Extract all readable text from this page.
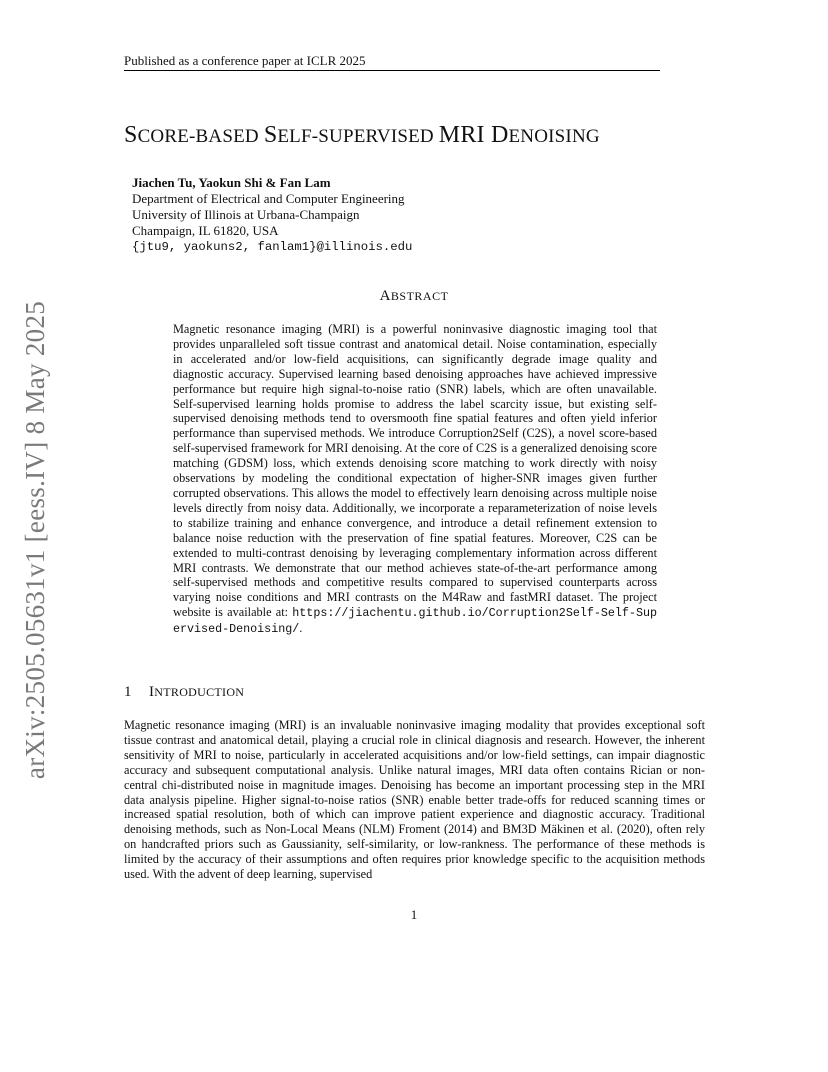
Published as a conference paper at ICLR 2025
SCORE-BASED SELF-SUPERVISED MRI DENOISING
Jiachen Tu, Yaokun Shi & Fan Lam
Department of Electrical and Computer Engineering
University of Illinois at Urbana-Champaign
Champaign, IL 61820, USA
{jtu9, yaokuns2, fanlam1}@illinois.edu
arXiv:2505.05631v1 [eess.IV] 8 May 2025
ABSTRACT
Magnetic resonance imaging (MRI) is a powerful noninvasive diagnostic imaging tool that provides unparalleled soft tissue contrast and anatomical detail. Noise contamination, especially in accelerated and/or low-field acquisitions, can significantly degrade image quality and diagnostic accuracy. Supervised learning based denoising approaches have achieved impressive performance but require high signal-to-noise ratio (SNR) labels, which are often unavailable. Self-supervised learning holds promise to address the label scarcity issue, but existing self-supervised denoising methods tend to oversmooth fine spatial features and often yield inferior performance than supervised methods. We introduce Corruption2Self (C2S), a novel score-based self-supervised framework for MRI denoising. At the core of C2S is a generalized denoising score matching (GDSM) loss, which extends denoising score matching to work directly with noisy observations by modeling the conditional expectation of higher-SNR images given further corrupted observations. This allows the model to effectively learn denoising across multiple noise levels directly from noisy data. Additionally, we incorporate a reparameterization of noise levels to stabilize training and enhance convergence, and introduce a detail refinement extension to balance noise reduction with the preservation of fine spatial features. Moreover, C2S can be extended to multi-contrast denoising by leveraging complementary information across different MRI contrasts. We demonstrate that our method achieves state-of-the-art performance among self-supervised methods and competitive results compared to supervised counterparts across varying noise conditions and MRI contrasts on the M4Raw and fastMRI dataset. The project website is available at: https://jiachentu.github.io/Corruption2Self-Self-Supervised-Denoising/.
1 INTRODUCTION
Magnetic resonance imaging (MRI) is an invaluable noninvasive imaging modality that provides exceptional soft tissue contrast and anatomical detail, playing a crucial role in clinical diagnosis and research. However, the inherent sensitivity of MRI to noise, particularly in accelerated acquisitions and/or low-field settings, can impair diagnostic accuracy and subsequent computational analysis. Unlike natural images, MRI data often contains Rician or non-central chi-distributed noise in magnitude images. Denoising has become an important processing step in the MRI data analysis pipeline. Higher signal-to-noise ratios (SNR) enable better trade-offs for reduced scanning times or increased spatial resolution, both of which can improve patient experience and diagnostic accuracy. Traditional denoising methods, such as Non-Local Means (NLM) Froment (2014) and BM3D Mäkinen et al. (2020), often rely on handcrafted priors such as Gaussianity, self-similarity, or low-rankness. The performance of these methods is limited by the accuracy of their assumptions and often requires prior knowledge specific to the acquisition methods used. With the advent of deep learning, supervised
1
